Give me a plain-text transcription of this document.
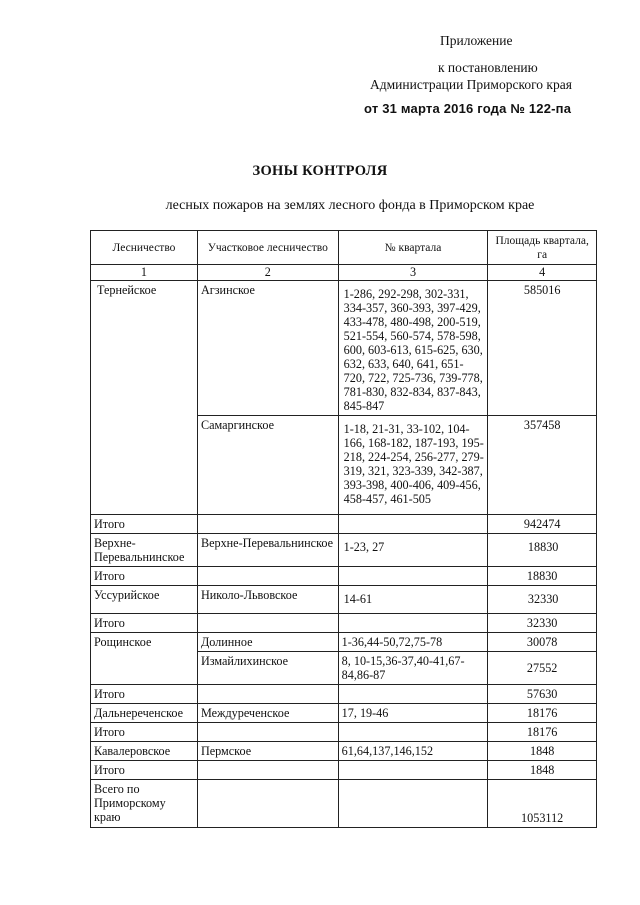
Приложение
к постановлению
Администрации Приморского края
от 31 марта 2016 года № 122-па
ЗОНЫ КОНТРОЛЯ
лесных пожаров на землях лесного фонда в Приморском крае
Лесничество	Участковое лесничество	№ квартала	Площадь квартала, га
1	2	3	4
Тернейское	Агзинское	1-286, 292-298, 302-331, 334-357, 360-393, 397-429, 433-478, 480-498, 200-519, 521-554, 560-574, 578-598, 600, 603-613, 615-625, 630, 632, 633, 640, 641, 651-720, 722, 725-736, 739-778, 781-830, 832-834, 837-843, 845-847	585016
	Самаргинское	1-18, 21-31, 33-102, 104-166, 168-182, 187-193, 195-218, 224-254, 256-277, 279-319, 321, 323-339, 342-387, 393-398, 400-406, 409-456, 458-457, 461-505	357458
Итого			942474
Верхне-Перевальнинское	Верхне-Перевальнинское	1-23, 27	18830
Итого			18830
Уссурийское	Николо-Львовское	14-61	32330
Итого			32330
Рощинское	Долинное	1-36,44-50,72,75-78	30078
	Измайлихинское	8, 10-15,36-37,40-41,67-84,86-87	27552
Итого			57630
Дальнереченское	Междуреченское	17, 19-46	18176
Итого			18176
Кавалеровское	Пермское	61,64,137,146,152	1848
Итого			1848
Всего по Приморскому краю			1053112
